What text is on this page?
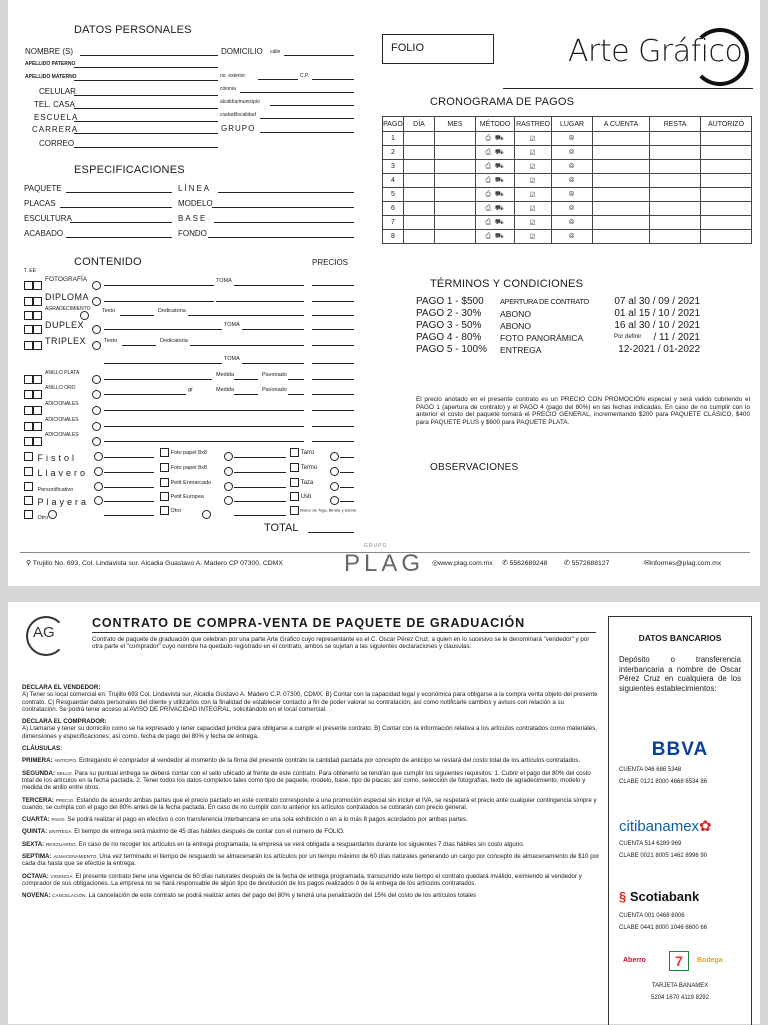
DATOS PERSONALES
NOMBRE (S)
APELLIDO PATERNO
APELLIDO MATERNO
CELULAR
TEL. CASA
ESCUELA
CARRERA
CORREO
DOMICILIO calle
no. exterior	C.P.
colonia
alcaldía/municipio
ciudad/localidad
GRUPO
FOLIO	Arte Gráfico
CRONOGRAMA DE PAGOS
PAGO	DÍA	MES	MÉTODO	RASTREO	LUGAR	A CUENTA	RESTA	AUTORIZÓ
1			⎙ ⛟	☑	⦾			
2			⎙ ⛟	☑	⦾			
3			⎙ ⛟	☑	⦾			
4			⎙ ⛟	☑	⦾			
5			⎙ ⛟	☑	⦾			
6			⎙ ⛟	☑	⦾			
7			⎙ ⛟	☑	⦾			
8			⎙ ⛟	☑	⦾			
ESPECIFICACIONES
PAQUETE
PLACAS
ESCULTURA
ACABADO
LÍNEA
MODELO
BASE
FONDO
CONTENIDO	PRECIOS
T. EE
FOTOGRAFÍA	TOMA
DIPLOMA
AGRADECIMIENTO Texto	Dedicatoria
DUPLEX	TOMA
TRIPLEX	Texto	Dedicatoria
TOMA
ANILLO PLATA	Medida	Pavonado
ANILLO ORO	gr	Medida	Pavonado
ADICIONALES
ADICIONALES
ADICIONALES
Fistol
Foto papel 8x8	Tarro
Llavero
Foto papel 8x8	Termo
Personificativo
Petit Enmarcado	Taza
Playera
Petit Europea	Usb
Otro
Otro	Marco de Toga, Birrete y Estola
TOTAL
TÉRMINOS Y CONDICIONES
PAGO 1 - $500 APERTURA DE CONTRATO	07 al 30 / 09 / 2021
PAGO 2 - 30% ABONO	01 al 15 / 10 / 2021
PAGO 3 - 50% ABONO	16 al 30 / 10 / 2021
PAGO 4 - 80% FOTO PANORÁMICA	Por definir / 11 / 2021
PAGO 5 - 100% ENTREGA	12-2021 / 01-2022
El precio anotado en el presente contrato es un PRECIO CON PROMOCIÓN especial y será valido cubriendo el PAGO 1 (apertura de contrato) y el PAGO 4 (pago del 80%) en las fechas indicadas. En caso de no cumplir con lo anterior el costo del paquete tomará el PRECIO GENERAL, incrementando $200 para PAQUETE CLÁSICO, $400 para PAQUETE PLUS y $600 para PAQUETE PLATA.
OBSERVACIONES
⚲ Trujillo No. 693, Col. Lindavista sur. Alcadia Guastavo A. Madero CP 07300, CDMX
GRUPO
PLAG ◎www.plag.com.mx ✆ 5562689248 ✆ 5572688127	✉informes@plag.com.mx
AG
CONTRATO DE COMPRA-VENTA DE PAQUETE DE GRADUACIÓN
Contrato de paquete de graduación que celebran por una parte Arte Grafico cuyo representante es el C. Oscar Pérez Cruz, a quien en lo sucesivo se le denominará "vendedor" y por otra parte el "comprador" cuyo nombre ha quedado registrado en el contrato, ambos se sujetan a las siguientes declaraciones y clausulas:
DECLARA EL VENDEDOR:
A) Tener su local comercial en: Trujillo 693 Col. Lindavista sur, Alcadia Gustavo A. Madero C.P. 07300, CDMX. B) Contar con la capacidad legal y económica para obligarse a la compra venta objeto del presente contrato. C) Resguardar datos personales del cliente y utilizarlos con la finalidad de establecer contacto a fin de poder valorar su contratación, así como notificarle cambios y avisos con relación a su contratación. Se podrá tener acceso al AVISO DE PRIVACIDAD INTEGRAL, solicitándolo en el local comercial.
DECLARA EL COMPRADOR:
A) Llamarse y tener su domicilio como se ha expresado y tener capacidad jurídica para obligarse a cumplir el presente contrato. B) Contar con la información relativa a los artículos contratados como materiales, dimensiones y especificaciones; así como, fecha de pago del 80% y fecha de entrega.
CLÁUSULAS:
PRIMERA: ANTICIPO. Entregando el comprador al vendedor al momento de la firma del presente contrato la cantidad pactada por concepto de anticipo se restará del costo total de los artículos contratados.
SEGUNDA: SELLO. Para su puntual entrega se deberá contar con el sello ubicado al frente de este contrato. Para obtenerlo se tendrán que cumplir los siguientes requisitos: 1. Cubrir el pago del 80% del costo total de los artículos en la fecha pactada. 2. Tener todos los datos completos tales como tipo de paquete, modelo, base, tipo de placas; así como, selección de fotografías, texto de agradecimiento, modelo y medida de anillo entre otros.
TERCERA: PRECIO. Estando de acuerdo ambas partes que el precio pactado en este contrato corresponde a una promoción especial sin incluir el IVA, se respetará el precio ante cualquier contingencia simpre y cuando, se cumpla con el pago del 80% antes de la fecha pactada. En caso de no cumplir con lo anterior los artículos contratados se cobrarán con precio general.
CUARTA: PAGO. Se podrá realizar el pago en efectivo o con transferencia interbancaria en una sola exhibición o en a lo más 8 pagos acordados por ambas partes.
QUINTA: ENTREGA. El tiempo de entrega será máximo de 45 días hábiles después de contar con el número de FOLIO.
SEXTA: RESGUARDO. En caso de no recoger los artículos en la entrega programada, la empresa se verá obligada a resguardarlos durante los siguientes 7 días hábiles sin costo alguno.
SEPTIMA: ALMACENAMIENTO. Una vez terminado el tiempo de resguardo se almacenarán los artículos por un tiempo máximo de 60 días naturales generando un cargo por concepto de almacenamiento de $10 por cada día hasta que se efectúe la entrega.
OCTAVA: VIGENCIA. El presente contrato tiene una vigencia de 60 días naturales después de la fecha de entrega programada, transcurrido este tiempo el contrato quedará inválido, eximiendo al vendedor y comprador de sus obligaciones. La empresa no se hará responsable de algún tipo de devolución de los pagos realizados ó de la entrega de los artículos contratados.
NOVENA: CANCELACIÓN. La cancelación de este contrato se podrá realizar antes del pago del 80% y tendrá una penalización del 15% del costo de los artículos totales
DATOS BANCARIOS
Depósito o transferencia interbancaria a nombre de Oscar Pérez Cruz en cualquiera de los siguientes establecimientos:
BBVA
CUENTA 046 686 5348
CLABE 0121 8000 4668 6534 86
citibanamex✿
CUENTA 514 6289 969
CLABE 0021 8005 1462 8996 90
§ Scotiabank
CUENTA 001 0468 6006
CLABE 0441 8000 1046 8600 66
Aberro	7	Bodega
TARJETA BANAMEX
5204 1670 4119 8292
